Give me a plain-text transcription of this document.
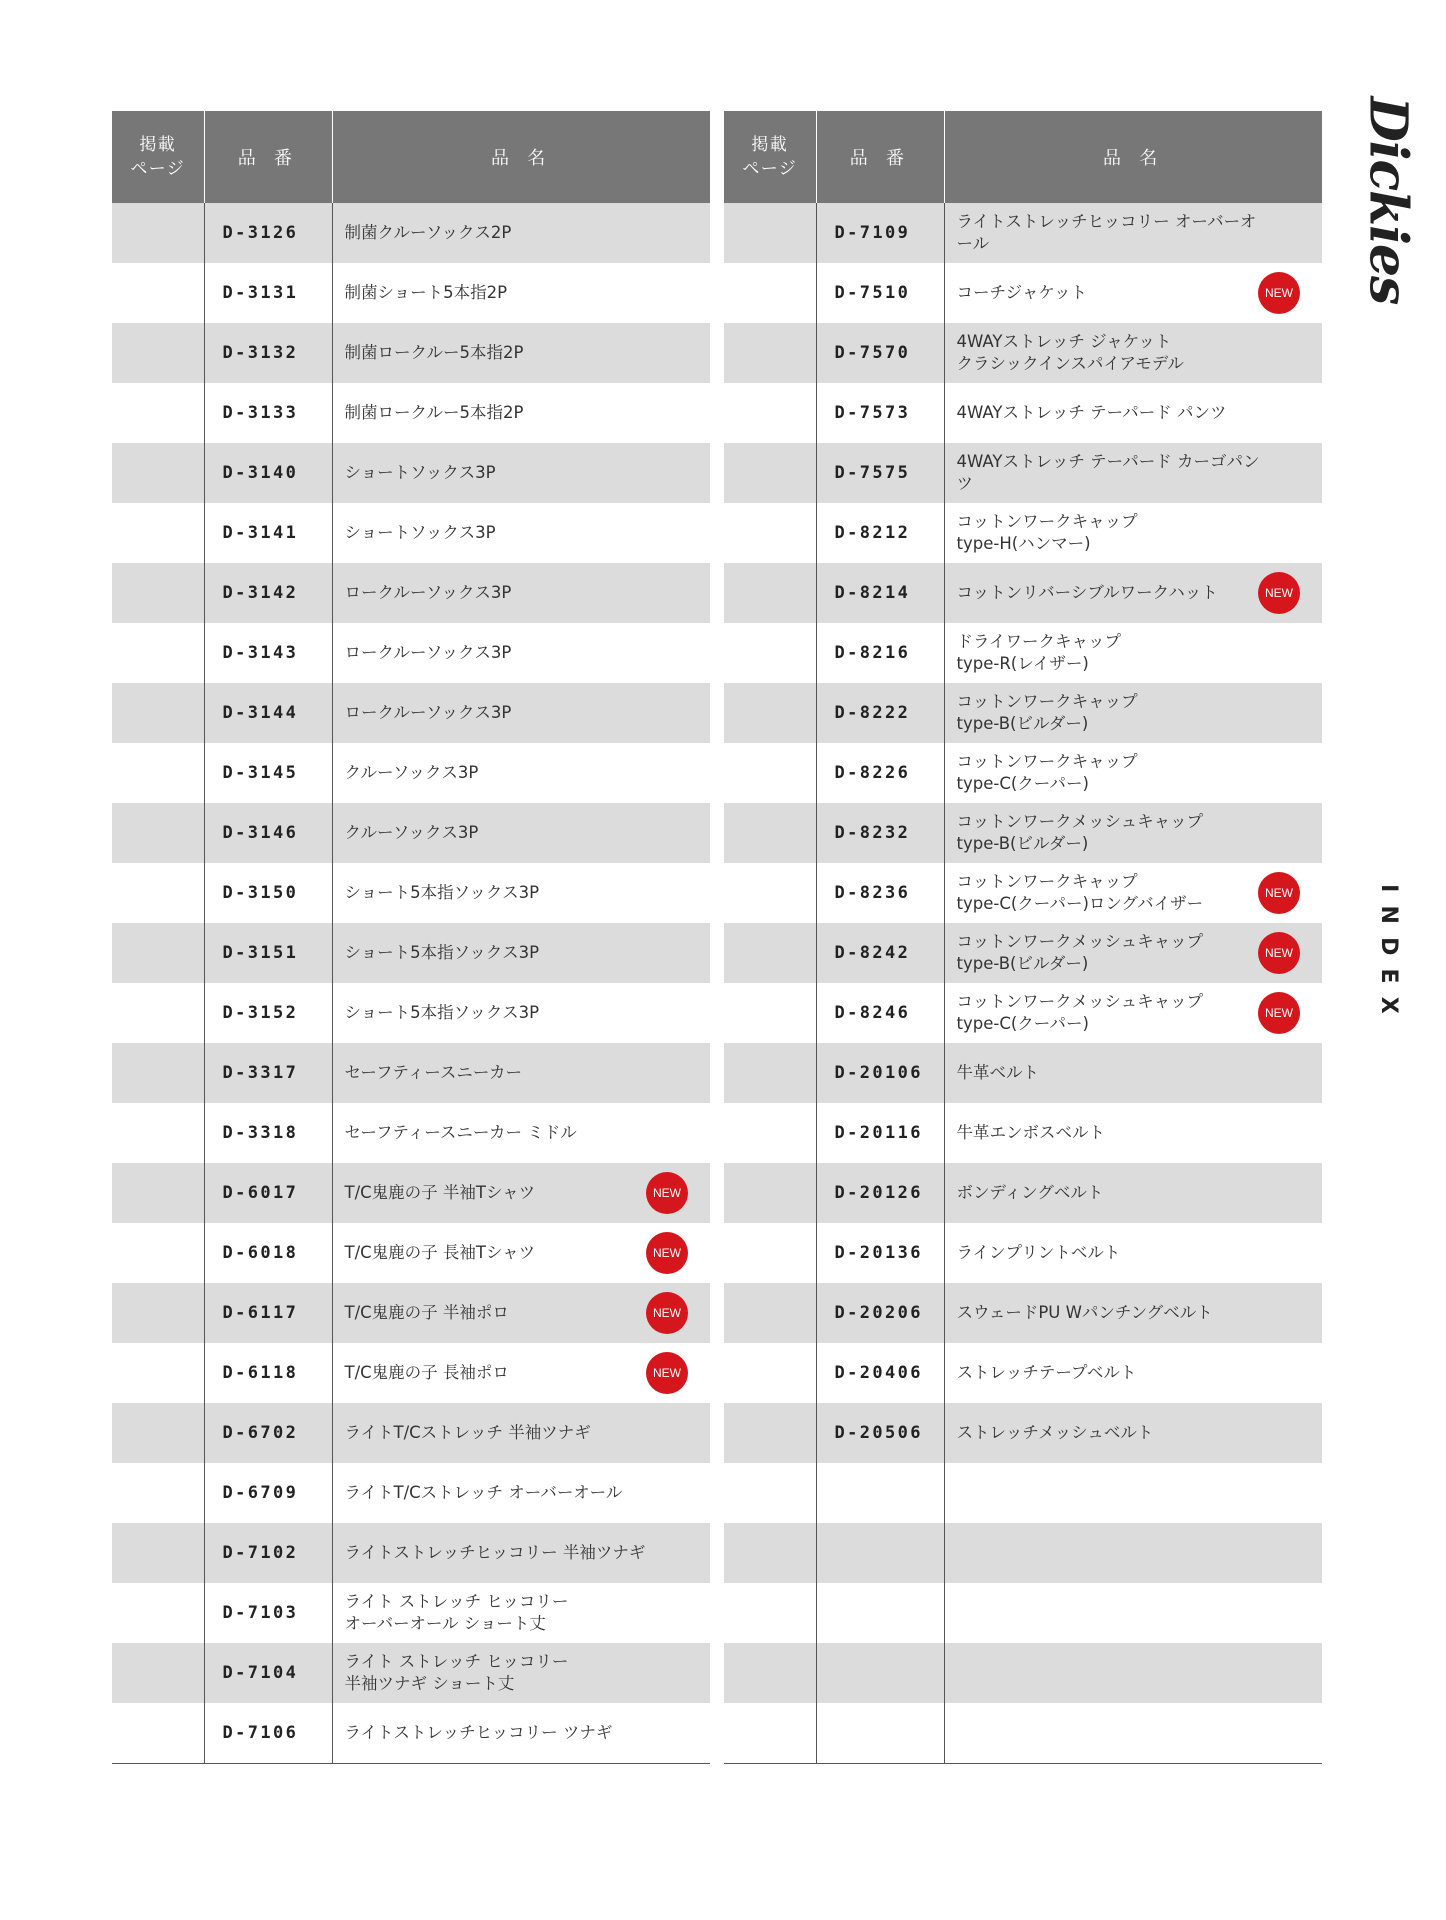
Dickies
INDEX
掲載
ページ	品 番	品 名
	D-3126	制菌クルーソックス2P

	D-3131	制菌ショート5本指2P

	D-3132	制菌ロークルー5本指2P

	D-3133	制菌ロークルー5本指2P

	D-3140	ショートソックス3P

	D-3141	ショートソックス3P

	D-3142	ロークルーソックス3P

	D-3143	ロークルーソックス3P

	D-3144	ロークルーソックス3P

	D-3145	クルーソックス3P

	D-3146	クルーソックス3P

	D-3150	ショート5本指ソックス3P

	D-3151	ショート5本指ソックス3P

	D-3152	ショート5本指ソックス3P

	D-3317	セーフティースニーカー

	D-3318	セーフティースニーカー ミドル

	D-6017	T/C鬼鹿の子 半袖Tシャツ NEW

	D-6018	T/C鬼鹿の子 長袖Tシャツ NEW

	D-6117	T/C鬼鹿の子 半袖ポロ NEW

	D-6118	T/C鬼鹿の子 長袖ポロ NEW

	D-6702	ライトT/Cストレッチ 半袖ツナギ

	D-6709	ライトT/Cストレッチ オーバーオール

	D-7102	ライトストレッチヒッコリー 半袖ツナギ

	D-7103	ライト ストレッチ ヒッコリー
オーバーオール ショート丈

	D-7104	ライト ストレッチ ヒッコリー
半袖ツナギ ショート丈

	D-7106	ライトストレッチヒッコリー ツナギ
掲載
ページ	品 番	品 名
	D-7109	ライトストレッチヒッコリー オーバーオール

	D-7510	コーチジャケット NEW

	D-7570	4WAYストレッチ ジャケット
クラシックインスパイアモデル

	D-7573	4WAYストレッチ テーパード パンツ

	D-7575	4WAYストレッチ テーパード カーゴパンツ

	D-8212	コットンワークキャップ
type-H(ハンマー)

	D-8214	コットンリバーシブルワークハット NEW

	D-8216	ドライワークキャップ
type-R(レイザー)

	D-8222	コットンワークキャップ
type-B(ビルダー)

	D-8226	コットンワークキャップ
type-C(クーパー)

	D-8232	コットンワークメッシュキャップ
type-B(ビルダー)

	D-8236	コットンワークキャップ
type-C(クーパー)ロングバイザー
NEW

	D-8242	コットンワークメッシュキャップ
type-B(ビルダー)
NEW

	D-8246	コットンワークメッシュキャップ
type-C(クーパー)
NEW

	D-20106	牛革ベルト

	D-20116	牛革エンボスベルト

	D-20126	ボンディングベルト

	D-20136	ラインプリントベルト

	D-20206	スウェードPU Wパンチングベルト

	D-20406	ストレッチテープベルト

	D-20506	ストレッチメッシュベルト
